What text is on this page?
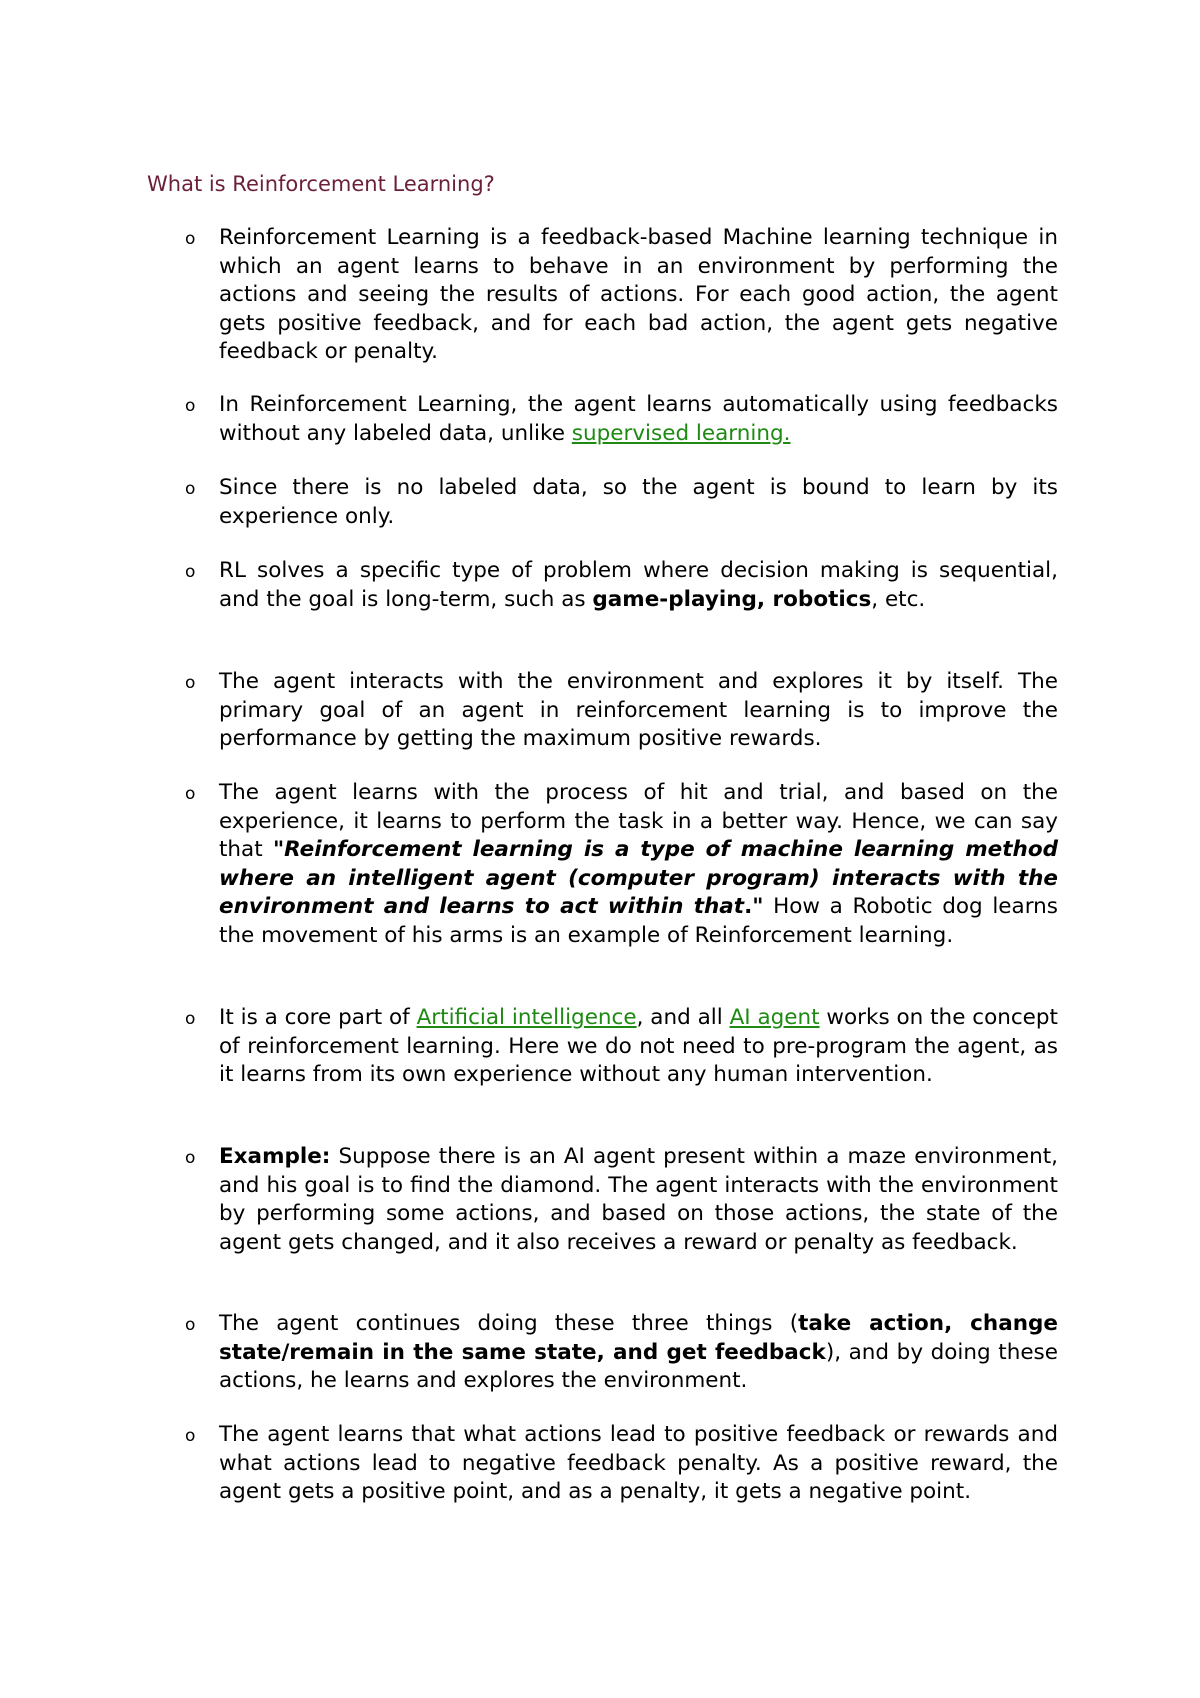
What is Reinforcement Learning?
o	Reinforcement Learning is a feedback-based Machine learning technique in which an agent learns to behave in an environment by performing the actions and seeing the results of actions. For each good action, the agent gets positive feedback, and for each bad action, the agent gets negative feedback or penalty.
o	In Reinforcement Learning, the agent learns automatically using feedbacks without any labeled data, unlike supervised learning.
o	Since there is no labeled data, so the agent is bound to learn by its experience only.
o	RL solves a specific type of problem where decision making is sequential, and the goal is long-term, such as game-playing, robotics, etc.
o	The agent interacts with the environment and explores it by itself. The primary goal of an agent in reinforcement learning is to improve the performance by getting the maximum positive rewards.
o	The agent learns with the process of hit and trial, and based on the experience, it learns to perform the task in a better way. Hence, we can say that "Reinforcement learning is a type of machine learning method where an intelligent agent (computer program) interacts with the environment and learns to act within that." How a Robotic dog learns the movement of his arms is an example of Reinforcement learning.
o	It is a core part of Artificial intelligence, and all AI agent works on the concept of reinforcement learning. Here we do not need to pre-program the agent, as it learns from its own experience without any human intervention.
o	Example: Suppose there is an AI agent present within a maze environment, and his goal is to find the diamond. The agent interacts with the environment by performing some actions, and based on those actions, the state of the agent gets changed, and it also receives a reward or penalty as feedback.
o	The agent continues doing these three things (take action, change state/remain in the same state, and get feedback), and by doing these actions, he learns and explores the environment.
o	The agent learns that what actions lead to positive feedback or rewards and what actions lead to negative feedback penalty. As a positive reward, the agent gets a positive point, and as a penalty, it gets a negative point.
